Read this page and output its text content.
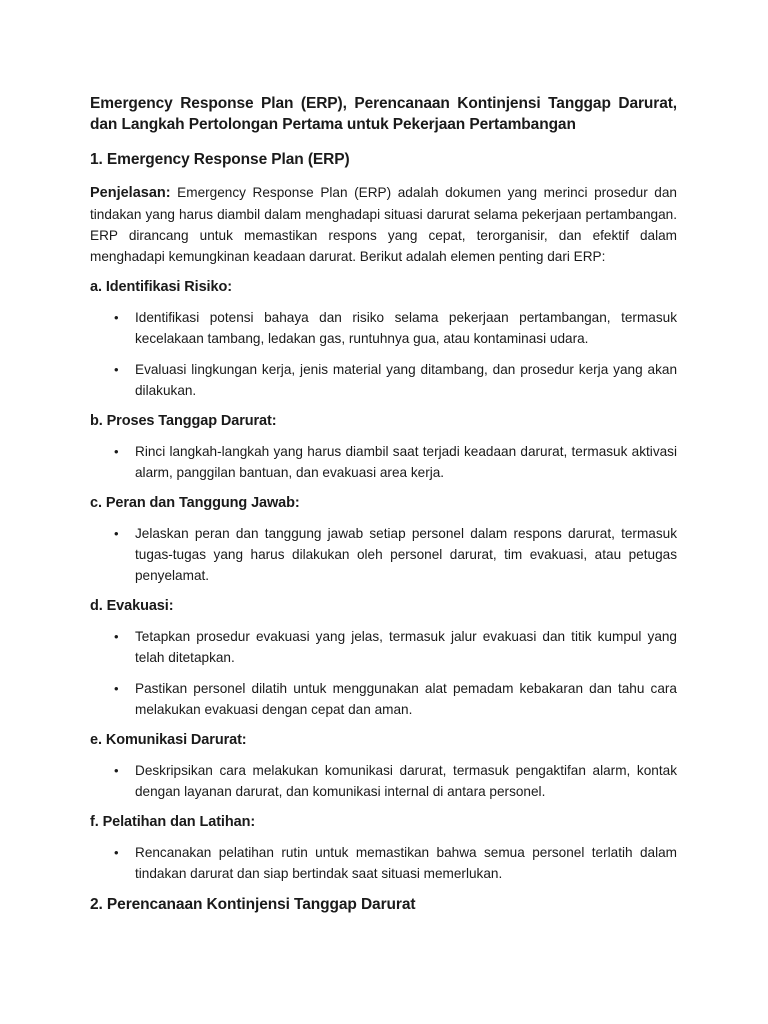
Emergency Response Plan (ERP), Perencanaan Kontinjensi Tanggap Darurat, dan Langkah Pertolongan Pertama untuk Pekerjaan Pertambangan

1. Emergency Response Plan (ERP)

Penjelasan: Emergency Response Plan (ERP) adalah dokumen yang merinci prosedur dan tindakan yang harus diambil dalam menghadapi situasi darurat selama pekerjaan pertambangan. ERP dirancang untuk memastikan respons yang cepat, terorganisir, dan efektif dalam menghadapi kemungkinan keadaan darurat. Berikut adalah elemen penting dari ERP:

a. Identifikasi Risiko:

• Identifikasi potensi bahaya dan risiko selama pekerjaan pertambangan, termasuk kecelakaan tambang, ledakan gas, runtuhnya gua, atau kontaminasi udara.
• Evaluasi lingkungan kerja, jenis material yang ditambang, dan prosedur kerja yang akan dilakukan.

b. Proses Tanggap Darurat:

• Rinci langkah-langkah yang harus diambil saat terjadi keadaan darurat, termasuk aktivasi alarm, panggilan bantuan, dan evakuasi area kerja.

c. Peran dan Tanggung Jawab:

• Jelaskan peran dan tanggung jawab setiap personel dalam respons darurat, termasuk tugas-tugas yang harus dilakukan oleh personel darurat, tim evakuasi, atau petugas penyelamat.

d. Evakuasi:

• Tetapkan prosedur evakuasi yang jelas, termasuk jalur evakuasi dan titik kumpul yang telah ditetapkan.
• Pastikan personel dilatih untuk menggunakan alat pemadam kebakaran dan tahu cara melakukan evakuasi dengan cepat dan aman.

e. Komunikasi Darurat:

• Deskripsikan cara melakukan komunikasi darurat, termasuk pengaktifan alarm, kontak dengan layanan darurat, dan komunikasi internal di antara personel.

f. Pelatihan dan Latihan:

• Rencanakan pelatihan rutin untuk memastikan bahwa semua personel terlatih dalam tindakan darurat dan siap bertindak saat situasi memerlukan.

2. Perencanaan Kontinjensi Tanggap Darurat
